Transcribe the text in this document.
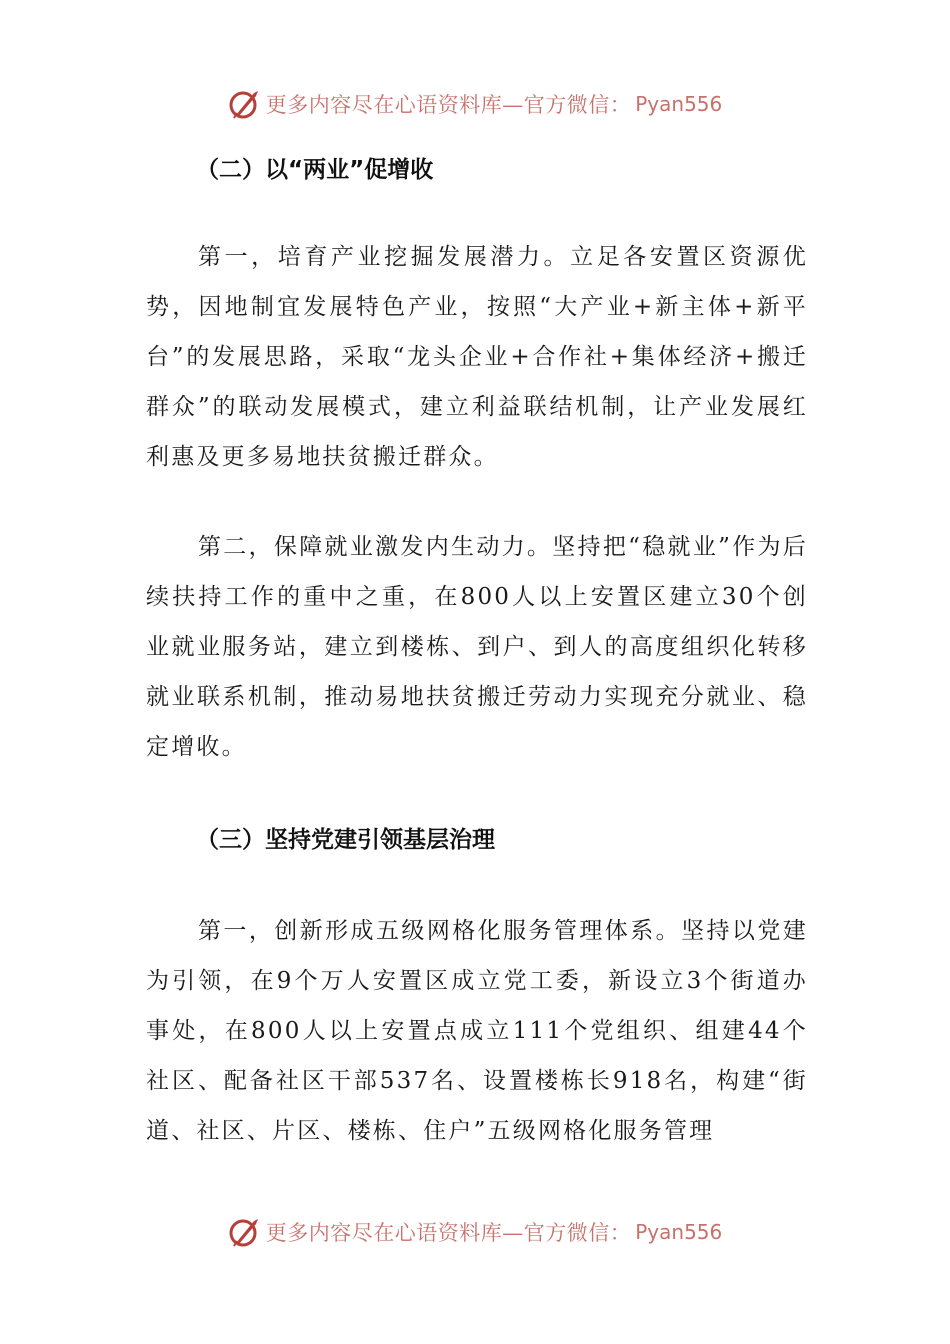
更多内容尽在心语资料库—官方微信： Pyan556
（二）以“两业”促增收

第一，培育产业挖掘发展潜力。立足各安置区资源优势，因地制宜发展特色产业，按照“大产业+新主体+新平台”的发展思路，采取“龙头企业+合作社+集体经济+搬迁群众”的联动发展模式，建立利益联结机制，让产业发展红利惠及更多易地扶贫搬迁群众。

第二，保障就业激发内生动力。坚持把“稳就业”作为后续扶持工作的重中之重，在800人以上安置区建立30个创业就业服务站，建立到楼栋、到户、到人的高度组织化转移就业联系机制，推动易地扶贫搬迁劳动力实现充分就业、稳定增收。

（三）坚持党建引领基层治理

第一，创新形成五级网格化服务管理体系。坚持以党建为引领，在9个万人安置区成立党工委，新设立3个街道办事处，在800人以上安置点成立111个党组织、组建44个社区、配备社区干部537名、设置楼栋长918名，构建“街道、社区、片区、楼栋、住户”五级网格化服务管理

更多内容尽在心语资料库—官方微信： Pyan556
